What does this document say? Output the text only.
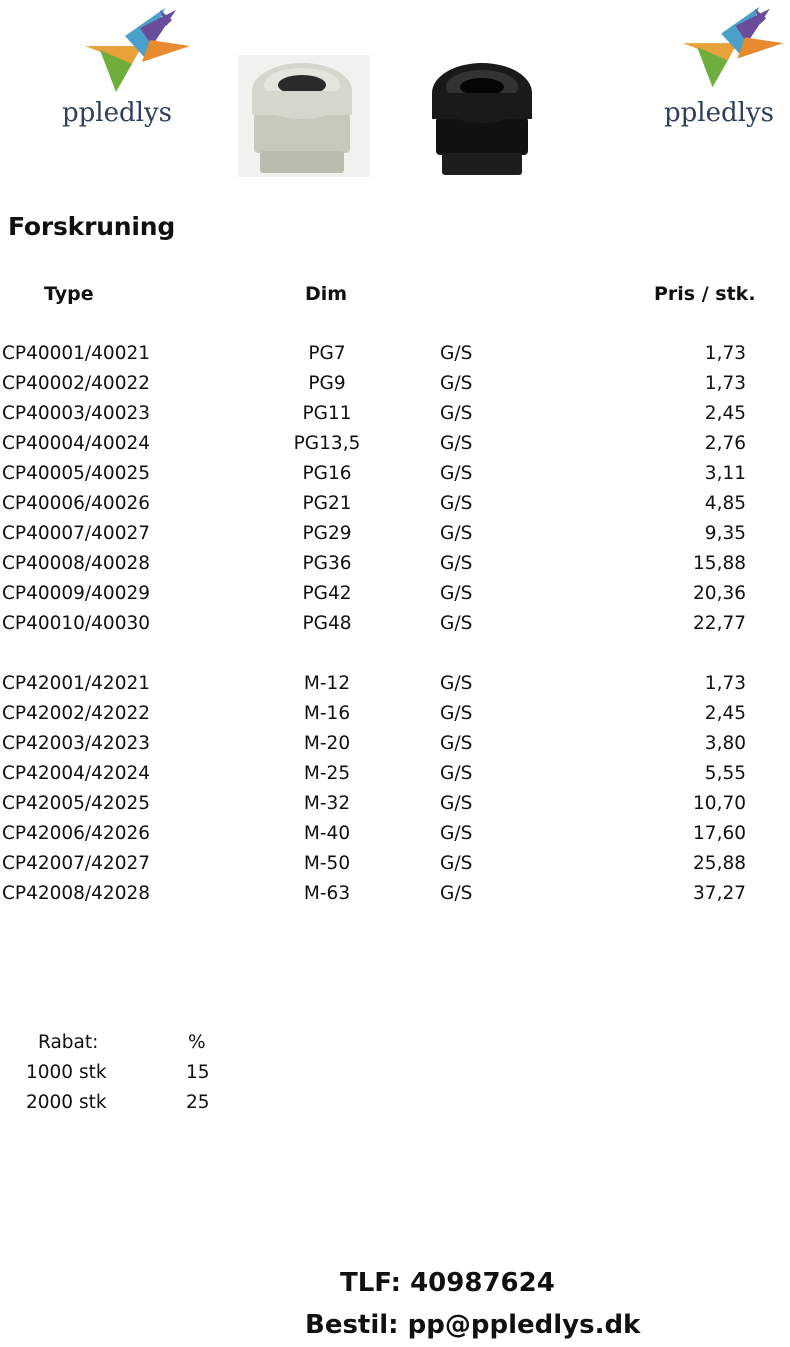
ppledlys	ppledlys
Forskruning
Type	Dim	Pris / stk.
CP40001/40021	PG7	G/S	1,73
CP40002/40022	PG9	G/S	1,73
CP40003/40023	PG11	G/S	2,45
CP40004/40024	PG13,5	G/S	2,76
CP40005/40025	PG16	G/S	3,11
CP40006/40026	PG21	G/S	4,85
CP40007/40027	PG29	G/S	9,35
CP40008/40028	PG36	G/S	15,88
CP40009/40029	PG42	G/S	20,36
CP40010/40030	PG48	G/S	22,77
CP42001/42021	M-12	G/S	1,73
CP42002/42022	M-16	G/S	2,45
CP42003/42023	M-20	G/S	3,80
CP42004/42024	M-25	G/S	5,55
CP42005/42025	M-32	G/S	10,70
CP42006/42026	M-40	G/S	17,60
CP42007/42027	M-50	G/S	25,88
CP42008/42028	M-63	G/S	37,27
Rabat:	%
1000 stk	15
2000 stk	25
TLF: 40987624
Bestil: pp@ppledlys.dk
